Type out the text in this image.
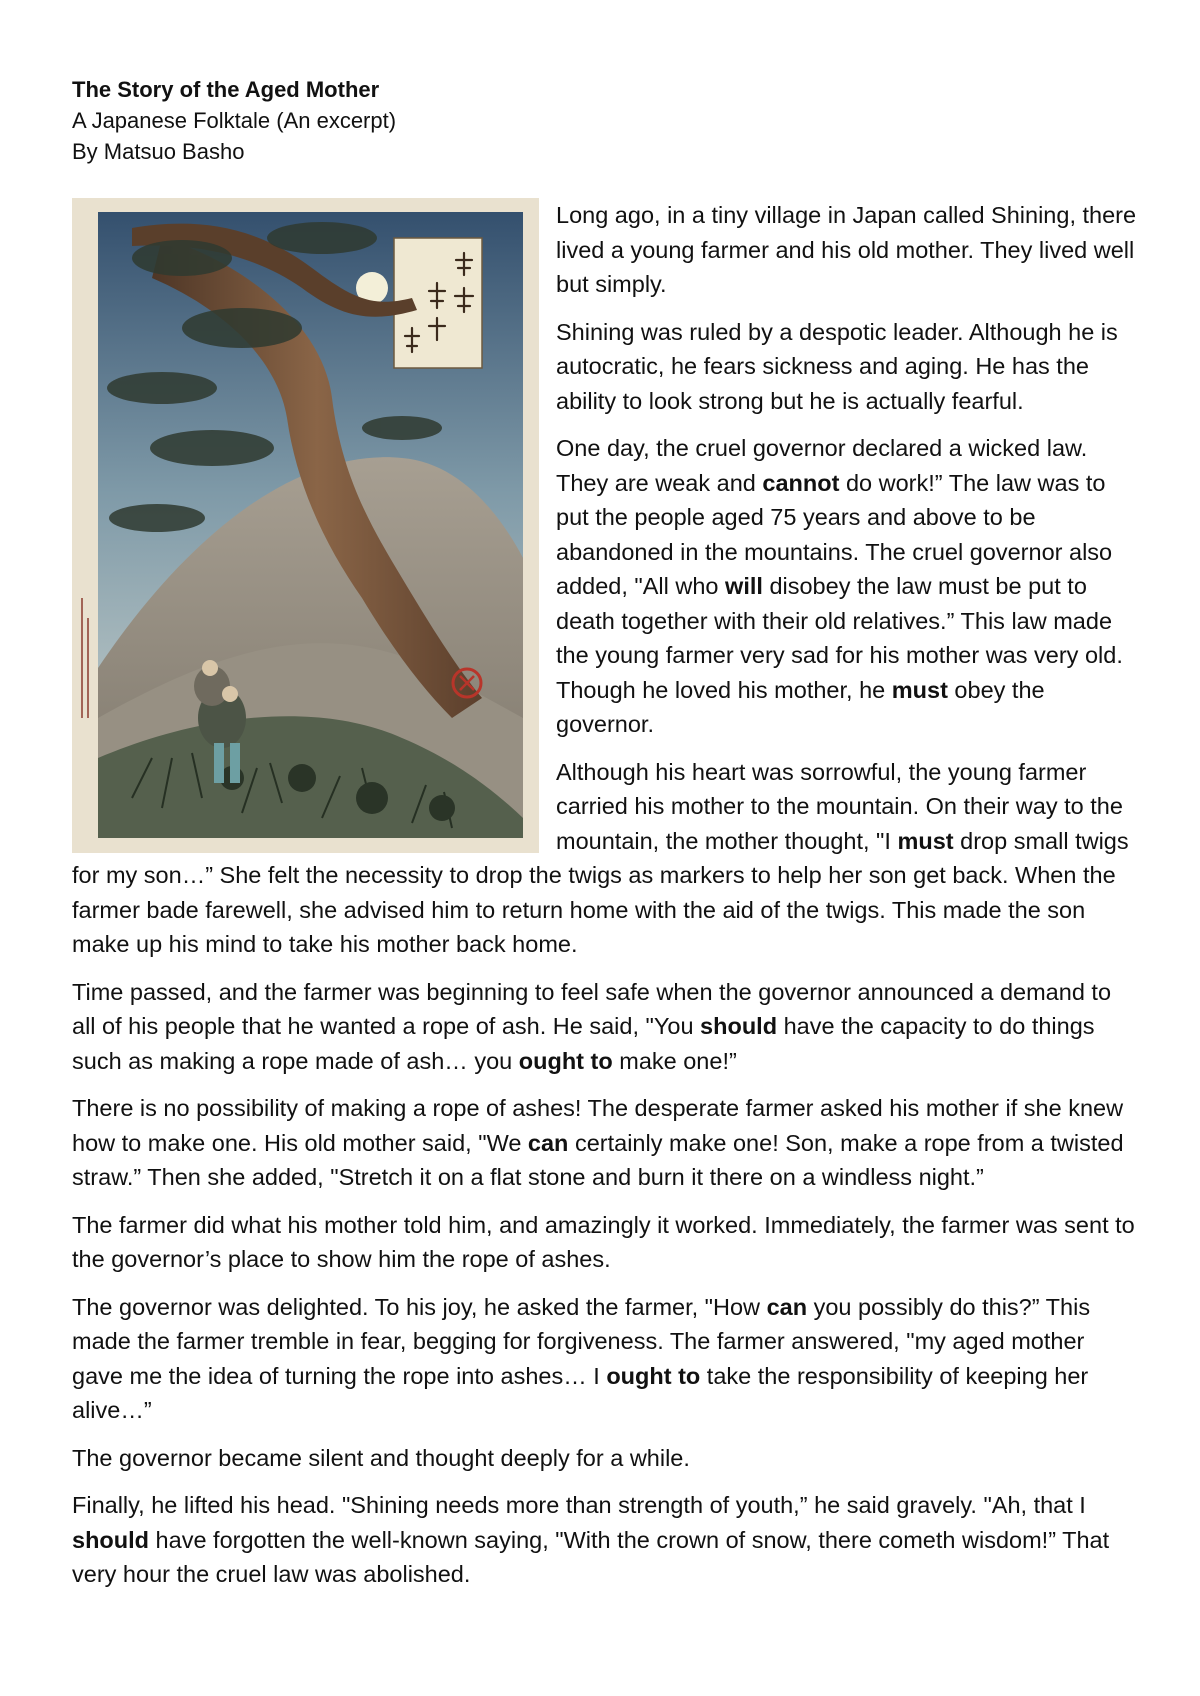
The Story of the Aged Mother
A Japanese Folktale (An excerpt)
By Matsuo Basho

Long ago, in a tiny village in Japan called Shining, there lived a young farmer and his old mother. They lived well but simply.

Shining was ruled by a despotic leader. Although he is autocratic, he fears sickness and aging. He has the ability to look strong but he is actually fearful.

One day, the cruel governor declared a wicked law. They are weak and cannot do work!” The law was to put the people aged 75 years and above to be abandoned in the mountains. The cruel governor also added, "All who will disobey the law must be put to death together with their old relatives.” This law made the young farmer very sad for his mother was very old. Though he loved his mother, he must obey the governor.

Although his heart was sorrowful, the young farmer carried his mother to the mountain. On their way to the mountain, the mother thought, "I must drop small twigs for my son…” She felt the necessity to drop the twigs as markers to help her son get back. When the farmer bade farewell, she advised him to return home with the aid of the twigs. This made the son make up his mind to take his mother back home.

Time passed, and the farmer was beginning to feel safe when the governor announced a demand to all of his people that he wanted a rope of ash. He said, "You should have the capacity to do things such as making a rope made of ash… you ought to make one!”

There is no possibility of making a rope of ashes! The desperate farmer asked his mother if she knew how to make one. His old mother said, "We can certainly make one! Son, make a rope from a twisted straw.” Then she added, "Stretch it on a flat stone and burn it there on a windless night.”

The farmer did what his mother told him, and amazingly it worked. Immediately, the farmer was sent to the governor’s place to show him the rope of ashes.

The governor was delighted. To his joy, he asked the farmer, "How can you possibly do this?” This made the farmer tremble in fear, begging for forgiveness. The farmer answered, "my aged mother gave me the idea of turning the rope into ashes… I ought to take the responsibility of keeping her alive…”

The governor became silent and thought deeply for a while.

Finally, he lifted his head. "Shining needs more than strength of youth,” he said gravely. "Ah, that I should have forgotten the well-known saying, "With the crown of snow, there cometh wisdom!” That very hour the cruel law was abolished.
